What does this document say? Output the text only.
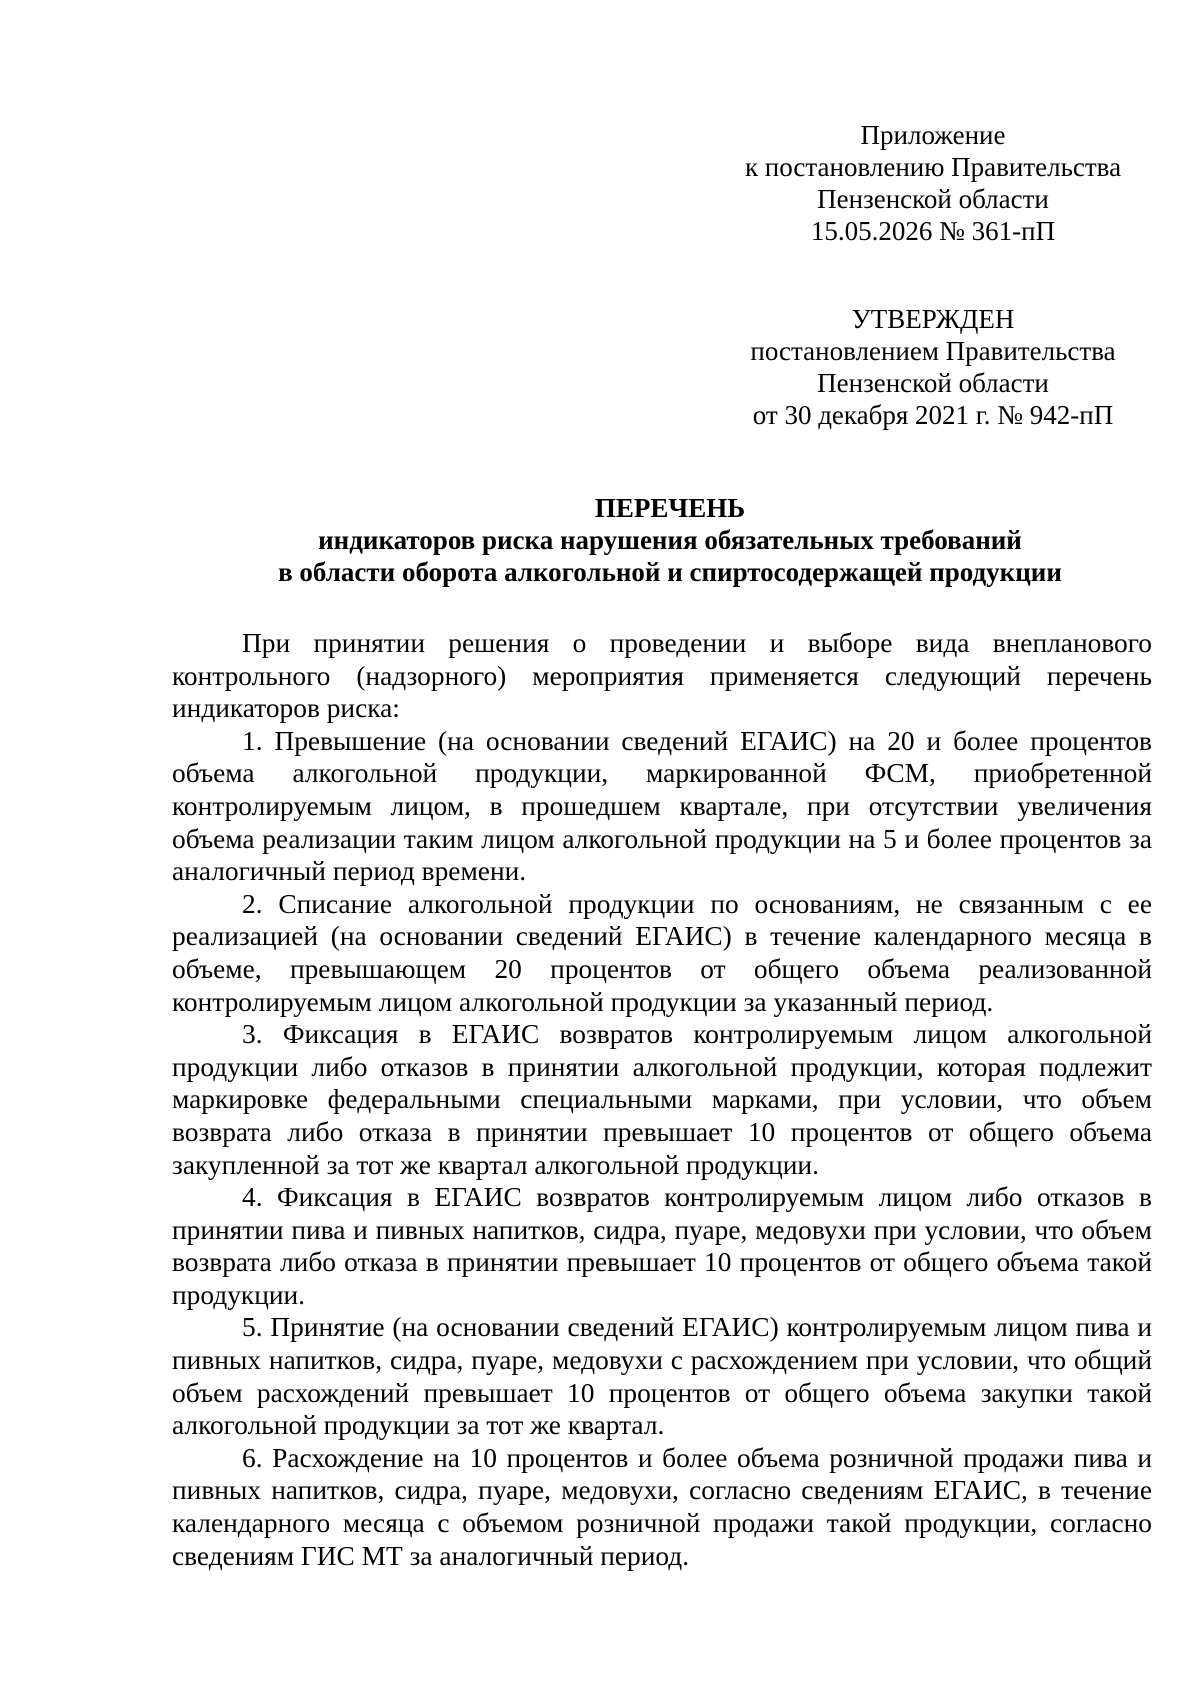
Приложение
к постановлению Правительства
Пензенской области
15.05.2026 № 361-пП
УТВЕРЖДЕН
постановлением Правительства
Пензенской области
от 30 декабря 2021 г. № 942-пП
ПЕРЕЧЕНЬ
индикаторов риска нарушения обязательных требований
в области оборота алкогольной и спиртосодержащей продукции

При принятии решения о проведении и выборе вида внепланового контрольного (надзорного) мероприятия применяется следующий перечень индикаторов риска:

1. Превышение (на основании сведений ЕГАИС) на 20 и более процентов объема алкогольной продукции, маркированной ФСМ, приобретенной контролируемым лицом, в прошедшем квартале, при отсутствии увеличения объема реализации таким лицом алкогольной продукции на 5 и более процентов за аналогичный период времени.

2. Списание алкогольной продукции по основаниям, не связанным с ее реализацией (на основании сведений ЕГАИС) в течение календарного месяца в объеме, превышающем 20 процентов от общего объема реализованной контролируемым лицом алкогольной продукции за указанный период.

3. Фиксация в ЕГАИС возвратов контролируемым лицом алкогольной продукции либо отказов в принятии алкогольной продукции, которая подлежит маркировке федеральными специальными марками, при условии, что объем возврата либо отказа в принятии превышает 10 процентов от общего объема закупленной за тот же квартал алкогольной продукции.

4. Фиксация в ЕГАИС возвратов контролируемым лицом либо отказов в принятии пива и пивных напитков, сидра, пуаре, медовухи при условии, что объем возврата либо отказа в принятии превышает 10 процентов от общего объема такой продукции.

5. Принятие (на основании сведений ЕГАИС) контролируемым лицом пива и пивных напитков, сидра, пуаре, медовухи с расхождением при условии, что общий объем расхождений превышает 10 процентов от общего объема закупки такой алкогольной продукции за тот же квартал.

6. Расхождение на 10 процентов и более объема розничной продажи пива и пивных напитков, сидра, пуаре, медовухи, согласно сведениям ЕГАИС, в течение календарного месяца с объемом розничной продажи такой продукции, согласно сведениям ГИС МТ за аналогичный период.
